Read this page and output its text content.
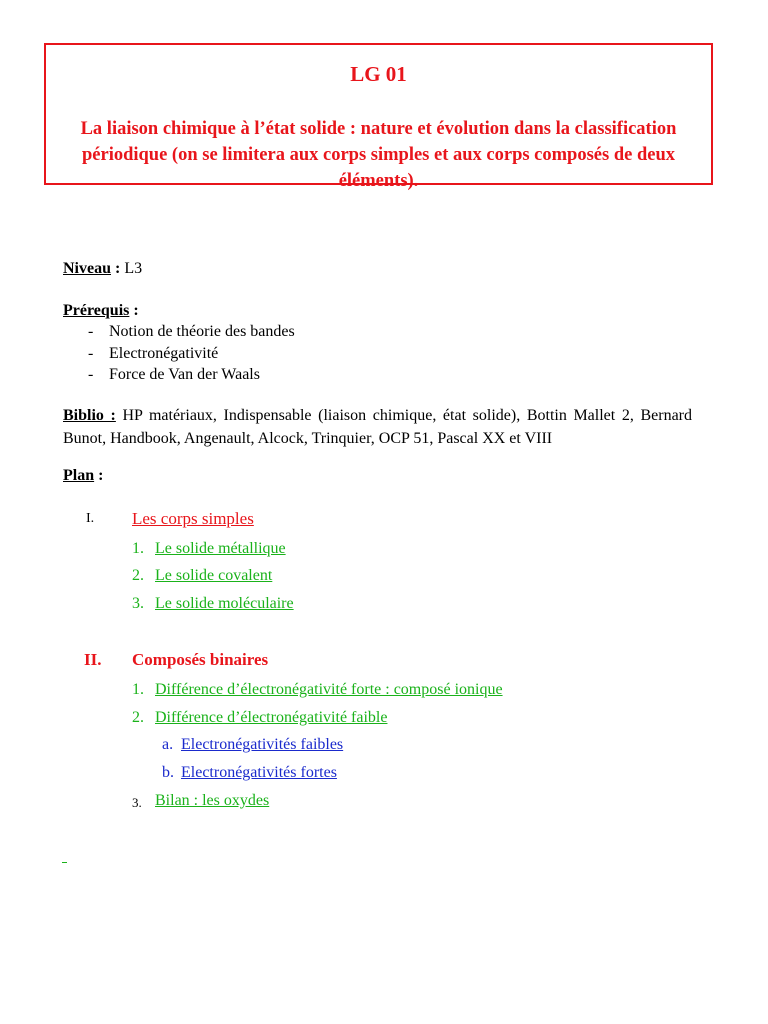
LG 01
La liaison chimique à l’état solide : nature et évolution dans la classification périodique (on se limitera aux corps simples et aux corps composés de deux éléments).
Niveau : L3
Prérequis :
- Notion de théorie des bandes
- Electronégativité
- Force de Van der Waals
Biblio : HP matériaux, Indispensable (liaison chimique, état solide), Bottin Mallet 2, Bernard Bunot, Handbook, Angenault, Alcock, Trinquier, OCP 51, Pascal XX et VIII
Plan :
I. Les corps simples
1. Le solide métallique
2. Le solide covalent
3. Le solide moléculaire
II. Composés binaires
1. Différence d’électronégativité forte : composé ionique
2. Différence d’électronégativité faible
a. Electronégativités faibles
b. Electronégativités fortes
3. Bilan : les oxydes
